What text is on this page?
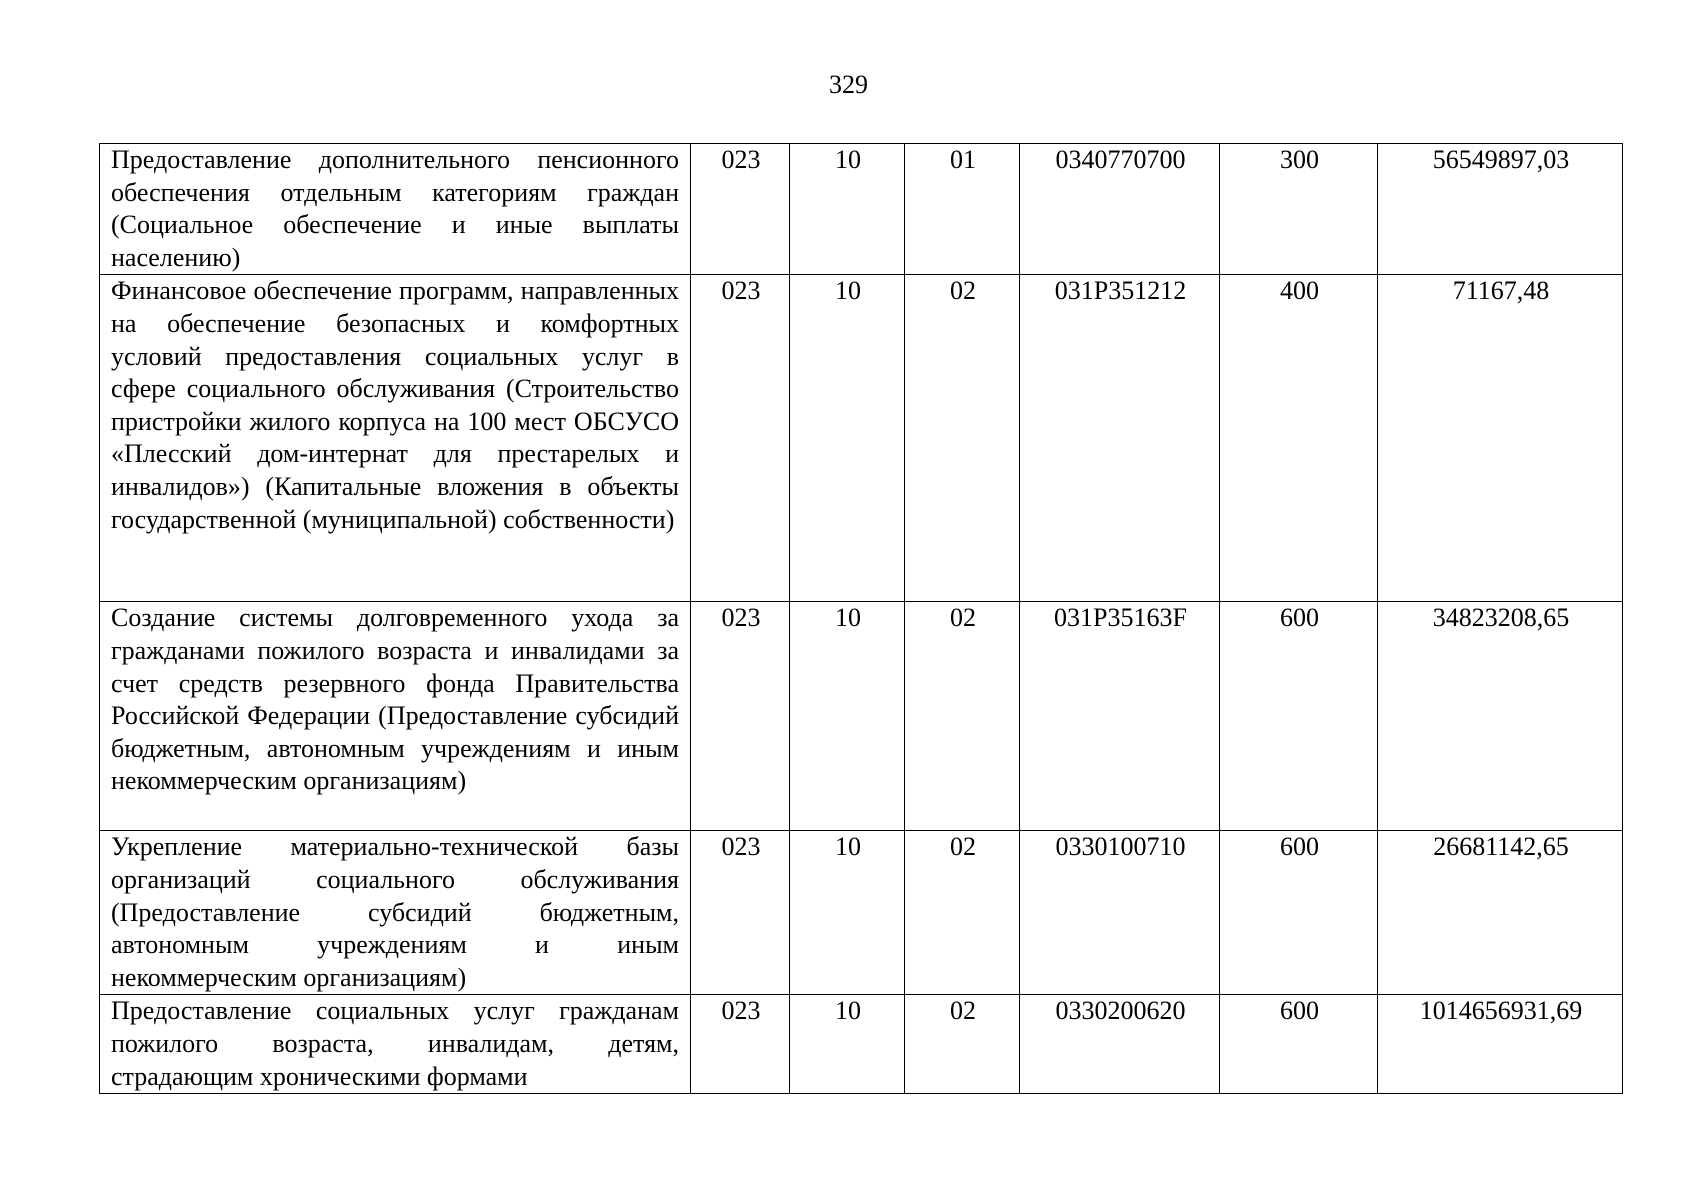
329
Предоставление дополнительного пенсионного обеспечения отдельным категориям граждан (Социальное обеспечение и иные выплаты населению)	023	10	01	0340770700	300	56549897,03
Финансовое обеспечение программ, направленных на обеспечение безопасных и комфортных условий предоставления социальных услуг в сфере социального обслуживания (Строительство пристройки жилого корпуса на 100 мест ОБСУСО «Плесский дом-интернат для престарелых и инвалидов») (Капитальные вложения в объекты государственной (муниципальной) собственности)	023	10	02	031P351212	400	71167,48
Создание системы долговременного ухода за гражданами пожилого возраста и инвалидами за счет средств резервного фонда Правительства Российской Федерации (Предоставление субсидий бюджетным, автономным учреждениям и иным некоммерческим организациям)	023	10	02	031P35163F	600	34823208,65
Укрепление материально-технической базы организаций социального обслуживания (Предоставление субсидий бюджетным, автономным учреждениям и иным некоммерческим организациям)	023	10	02	0330100710	600	26681142,65
Предоставление социальных услуг гражданам пожилого возраста, инвалидам, детям, страдающим хроническими формами	023	10	02	0330200620	600	1014656931,69
